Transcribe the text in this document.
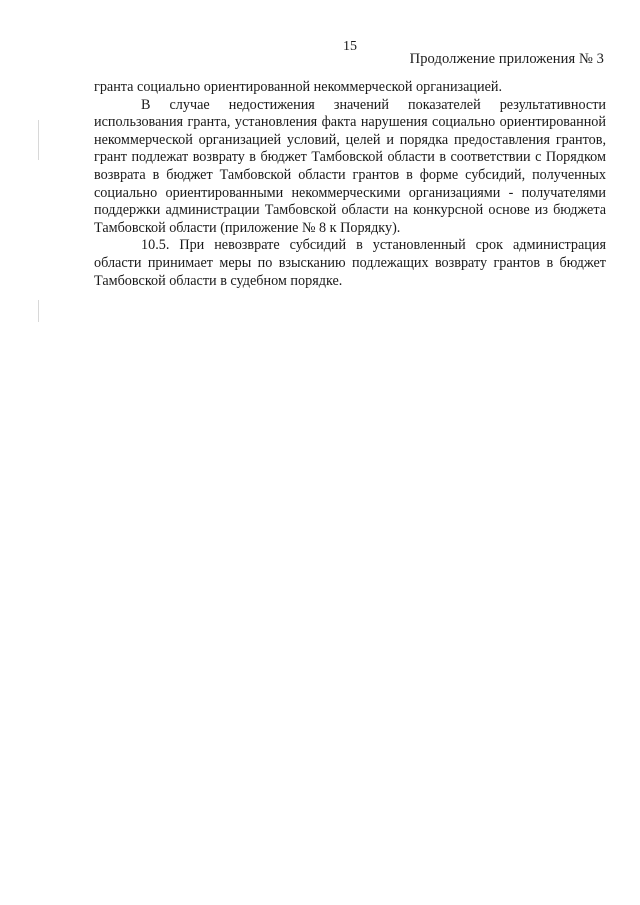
15
Продолжение приложения № 3

гранта социально ориентированной некоммерческой организацией.

В случае недостижения значений показателей результативности использования гранта, установления факта нарушения социально ориентированной некоммерческой организацией условий, целей и порядка предоставления грантов, грант подлежат возврату в бюджет Тамбовской области в соответствии с Порядком возврата в бюджет Тамбовской области грантов в форме субсидий, полученных социально ориентированными некоммерческими организациями - получателями поддержки администрации Тамбовской области на конкурсной основе из бюджета Тамбовской области (приложение № 8 к Порядку).

10.5. При невозврате субсидий в установленный срок администрация области принимает меры по взысканию подлежащих возврату грантов в бюджет Тамбовской области в судебном порядке.
